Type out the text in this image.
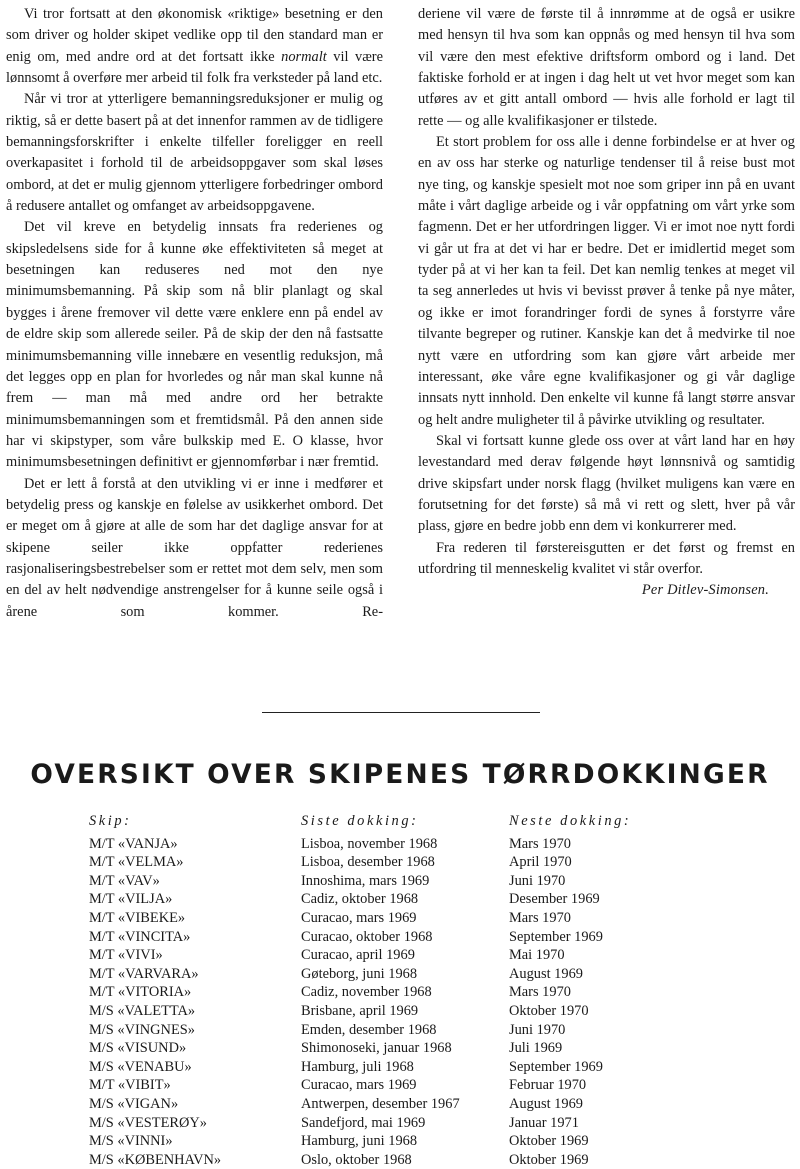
Vi tror fortsatt at den økonomisk «riktige» besetning er den som driver og holder skipet vedlike opp til den standard man er enig om, med andre ord at det fortsatt ikke normalt vil være lønnsomt å overføre mer arbeid til folk fra verksteder på land etc.

Når vi tror at ytterligere bemanningsreduksjoner er mulig og riktig, så er dette basert på at det innenfor rammen av de tidligere bemanningsforskrifter i enkelte tilfeller foreligger en reell overkapasitet i forhold til de arbeidsoppgaver som skal løses ombord, at det er mulig gjennom ytterligere forbedringer ombord å redusere antallet og omfanget av arbeidsoppgavene.

Det vil kreve en betydelig innsats fra rederienes og skipsledelsens side for å kunne øke effektiviteten så meget at besetningen kan reduseres ned mot den nye minimumsbemanning. På skip som nå blir planlagt og skal bygges i årene fremover vil dette være enklere enn på endel av de eldre skip som allerede seiler. På de skip der den nå fastsatte minimumsbemanning ville innebære en vesentlig reduksjon, må det legges opp en plan for hvorledes og når man skal kunne nå frem — man må med andre ord her betrakte minimumsbemanningen som et fremtidsmål. På den annen side har vi skipstyper, som våre bulkskip med E. O klasse, hvor minimumsbesetningen definitivt er gjennomførbar i nær fremtid.

Det er lett å forstå at den utvikling vi er inne i medfører et betydelig press og kanskje en følelse av usikkerhet ombord. Det er meget om å gjøre at alle de som har det daglige ansvar for at skipene seiler ikke oppfatter rederienes rasjonaliseringsbestrebelser som er rettet mot dem selv, men som en del av helt nødvendige anstrengelser for å kunne seile også i årene som kommer. Re-

deriene vil være de første til å innrømme at de også er usikre med hensyn til hva som kan oppnås og med hensyn til hva som vil være den mest efektive driftsform ombord og i land. Det faktiske forhold er at ingen i dag helt ut vet hvor meget som kan utføres av et gitt antall ombord — hvis alle forhold er lagt til rette — og alle kvalifikasjoner er tilstede.

Et stort problem for oss alle i denne forbindelse er at hver og en av oss har sterke og naturlige tendenser til å reise bust mot nye ting, og kanskje spesielt mot noe som griper inn på en uvant måte i vårt daglige arbeide og i vår oppfatning om vårt yrke som fagmenn. Det er her utfordringen ligger. Vi er imot noe nytt fordi vi går ut fra at det vi har er bedre. Det er imidlertid meget som tyder på at vi her kan ta feil. Det kan nemlig tenkes at meget vil ta seg annerledes ut hvis vi bevisst prøver å tenke på nye måter, og ikke er imot forandringer fordi de synes å forstyrre våre tilvante begreper og rutiner. Kanskje kan det å medvirke til noe nytt være en utfordring som kan gjøre vårt arbeide mer interessant, øke våre egne kvalifikasjoner og gi vår daglige innsats nytt innhold. Den enkelte vil kunne få langt større ansvar og helt andre muligheter til å påvirke utvikling og resultater.

Skal vi fortsatt kunne glede oss over at vårt land har en høy levestandard med derav følgende høyt lønnsnivå og samtidig drive skipsfart under norsk flagg (hvilket muligens kan være en forutsetning for det første) så må vi rett og slett, hver på vår plass, gjøre en bedre jobb enn dem vi konkurrerer med.

Fra rederen til førstereisgutten er det først og fremst en utfordring til menneskelig kvalitet vi står overfor.

Per Ditlev-Simonsen.

OVERSIKT OVER SKIPENES TØRRDOKKINGER
Skip:
M/T «VANJA»
M/T «VELMA»
M/T «VAV»
M/T «VILJA»
M/T «VIBEKE»
M/T «VINCITA»
M/T «VIVI»
M/T «VARVARA»
M/T «VITORIA»
M/S «VALETTA»
M/S «VINGNES»
M/S «VISUND»
M/S «VENABU»
M/T «VIBIT»
M/S «VIGAN»
M/S «VESTERØY»
M/S «VINNI»
M/S «KØBENHAVN»
Siste dokking:
Lisboa, november 1968
Lisboa, desember 1968
Innoshima, mars 1969
Cadiz, oktober 1968
Curacao, mars 1969
Curacao, oktober 1968
Curacao, april 1969
Gøteborg, juni 1968
Cadiz, november 1968
Brisbane, april 1969
Emden, desember 1968
Shimonoseki, januar 1968
Hamburg, juli 1968
Curacao, mars 1969
Antwerpen, desember 1967
Sandefjord, mai 1969
Hamburg, juni 1968
Oslo, oktober 1968
Neste dokking:
Mars 1970
April 1970
Juni 1970
Desember 1969
Mars 1970
September 1969
Mai 1970
August 1969
Mars 1970
Oktober 1970
Juni 1970
Juli 1969
September 1969
Februar 1970
August 1969
Januar 1971
Oktober 1969
Oktober 1969
